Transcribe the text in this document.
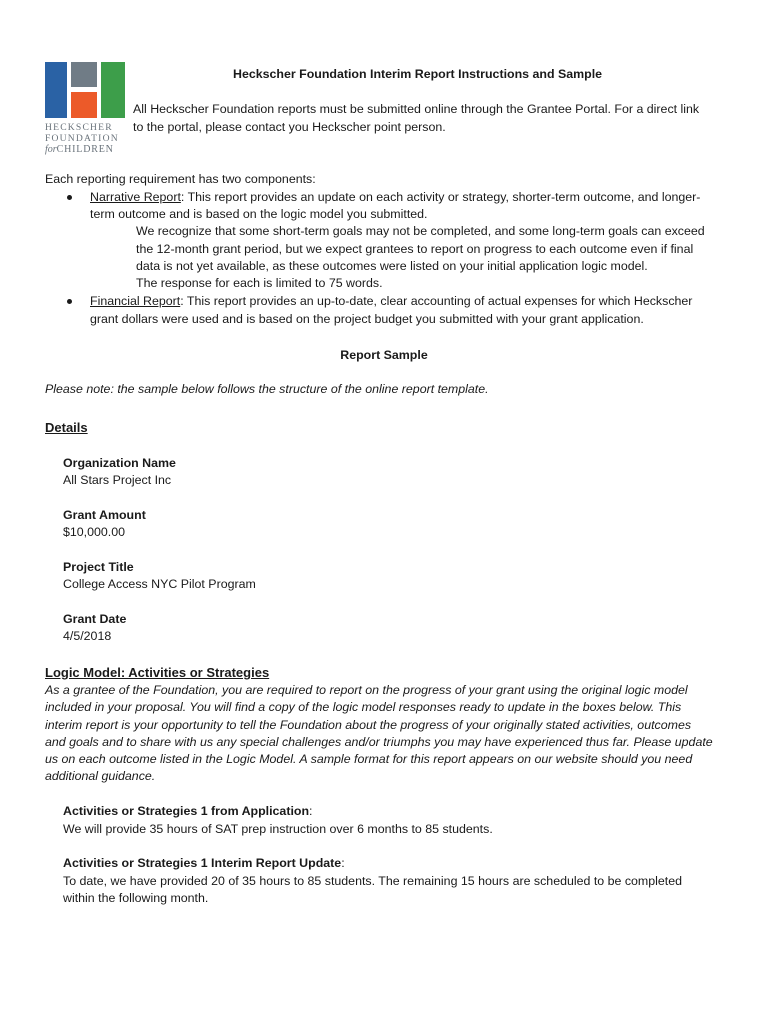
HECKSCHER
FOUNDATION
forCHILDREN
Heckscher Foundation Interim Report Instructions and Sample
All Heckscher Foundation reports must be submitted online through the Grantee Portal. For a direct link
to the portal, please contact you Heckscher point person.
Each reporting requirement has two components:
Narrative Report: This report provides an update on each activity or strategy, shorter-term outcome, and longer-
term outcome and is based on the logic model you submitted.
We recognize that some short-term goals may not be completed, and some long-term goals can exceed
the 12-month grant period, but we expect grantees to report on progress to each outcome even if final
data is not yet available, as these outcomes were listed on your initial application logic model.
The response for each is limited to 75 words.
Financial Report: This report provides an up-to-date, clear accounting of actual expenses for which Heckscher
grant dollars were used and is based on the project budget you submitted with your grant application.
Report Sample
Please note: the sample below follows the structure of the online report template.
Details
Organization Name
All Stars Project Inc
Grant Amount
$10,000.00
Project Title
College Access NYC Pilot Program
Grant Date
4/5/2018
Logic Model: Activities or Strategies
As a grantee of the Foundation, you are required to report on the progress of your grant using the original logic model
included in your proposal. You will find a copy of the logic model responses ready to update in the boxes below. This
interim report is your opportunity to tell the Foundation about the progress of your originally stated activities, outcomes
and goals and to share with us any special challenges and/or triumphs you may have experienced thus far. Please update
us on each outcome listed in the Logic Model. A sample format for this report appears on our website should you need
additional guidance.
Activities or Strategies 1 from Application:
We will provide 35 hours of SAT prep instruction over 6 months to 85 students.
Activities or Strategies 1 Interim Report Update:
To date, we have provided 20 of 35 hours to 85 students. The remaining 15 hours are scheduled to be completed
within the following month.
